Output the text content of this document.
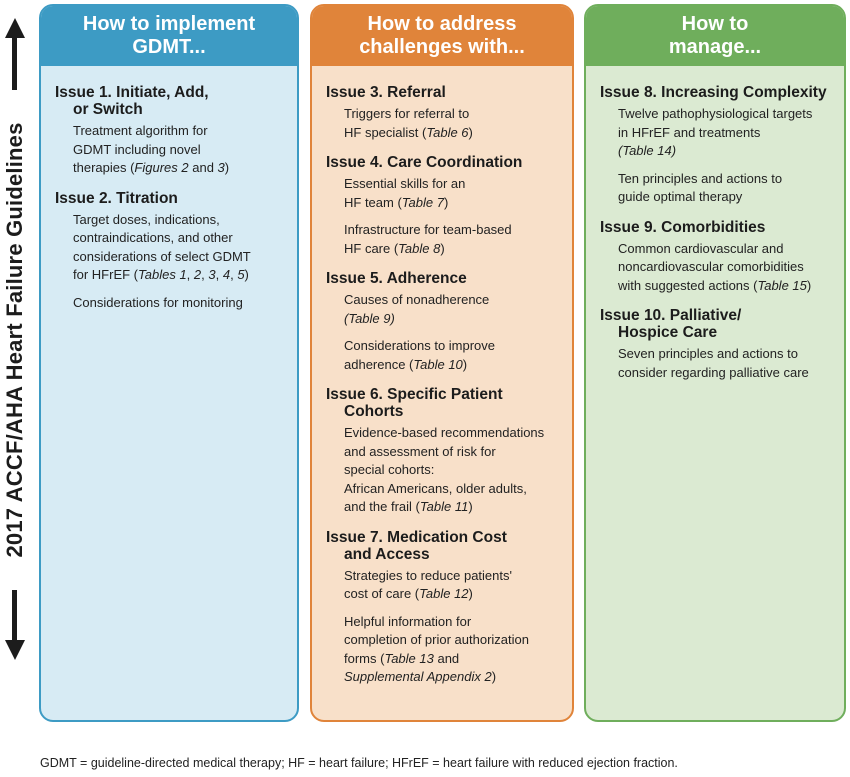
2017 ACCF/AHA Heart Failure Guidelines
How to implement
GDMT...
Issue 1. Initiate, Add,
or Switch
Treatment algorithm for
GDMT including novel
therapies (Figures 2 and 3)
Issue 2. Titration
Target doses, indications,
contraindications, and other
considerations of select GDMT
for HFrEF (Tables 1, 2, 3, 4, 5)
Considerations for monitoring
How to address
challenges with...
Issue 3. Referral
Triggers for referral to
HF specialist (Table 6)
Issue 4. Care Coordination
Essential skills for an
HF team (Table 7)
Infrastructure for team-based
HF care (Table 8)
Issue 5. Adherence
Causes of nonadherence
(Table 9)
Considerations to improve
adherence (Table 10)
Issue 6. Specific Patient
Cohorts
Evidence-based recommendations
and assessment of risk for
special cohorts:
African Americans, older adults,
and the frail (Table 11)
Issue 7. Medication Cost
and Access
Strategies to reduce patients'
cost of care (Table 12)
Helpful information for
completion of prior authorization
forms (Table 13 and
Supplemental Appendix 2)
How to
manage...
Issue 8. Increasing Complexity
Twelve pathophysiological targets
in HFrEF and treatments
(Table 14)
Ten principles and actions to
guide optimal therapy
Issue 9. Comorbidities
Common cardiovascular and
noncardiovascular comorbidities
with suggested actions (Table 15)
Issue 10. Palliative/
Hospice Care
Seven principles and actions to
consider regarding palliative care
GDMT = guideline-directed medical therapy; HF = heart failure; HFrEF = heart failure with reduced ejection fraction.
